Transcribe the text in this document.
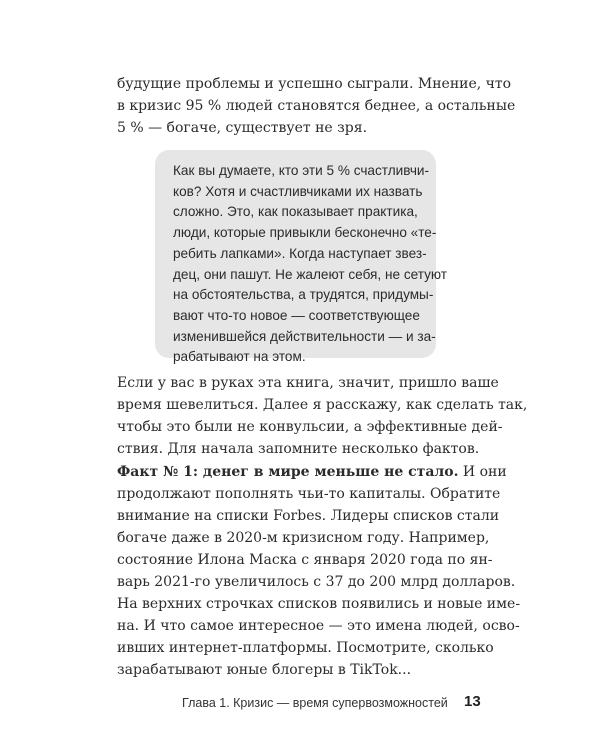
будущие проблемы и успешно сыграли. Мнение, что
в кризис 95 % людей становятся беднее, а остальные
5 % — богаче, существует не зря.
Как вы думаете, кто эти 5 % счастливчи-
ков? Хотя и счастливчиками их назвать
сложно. Это, как показывает практика,
люди, которые привыкли бесконечно «те-
ребить лапками». Когда наступает звез-
дец, они пашут. Не жалеют себя, не сетуют
на обстоятельства, а трудятся, придумы-
вают что-то новое — соответствующее
изменившейся действительности — и за-
рабатывают на этом.
Если у вас в руках эта книга, значит, пришло ваше
время шевелиться. Далее я расскажу, как сделать так,
чтобы это были не конвульсии, а эффективные дей-
ствия. Для начала запомните несколько фактов.
Факт № 1: денег в мире меньше не стало. И они
продолжают пополнять чьи-то капиталы. Обратите
внимание на списки Forbes. Лидеры списков стали
богаче даже в 2020-м кризисном году. Например,
состояние Илона Маска с января 2020 года по ян-
варь 2021-го увеличилось с 37 до 200 млрд долларов.
На верхних строчках списков появились и новые име-
на. И что самое интересное — это имена людей, осво-
ивших интернет-платформы. Посмотрите, сколько
зарабатывают юные блогеры в TikTok...
Глава 1. Кризис — время супервозможностей 13
